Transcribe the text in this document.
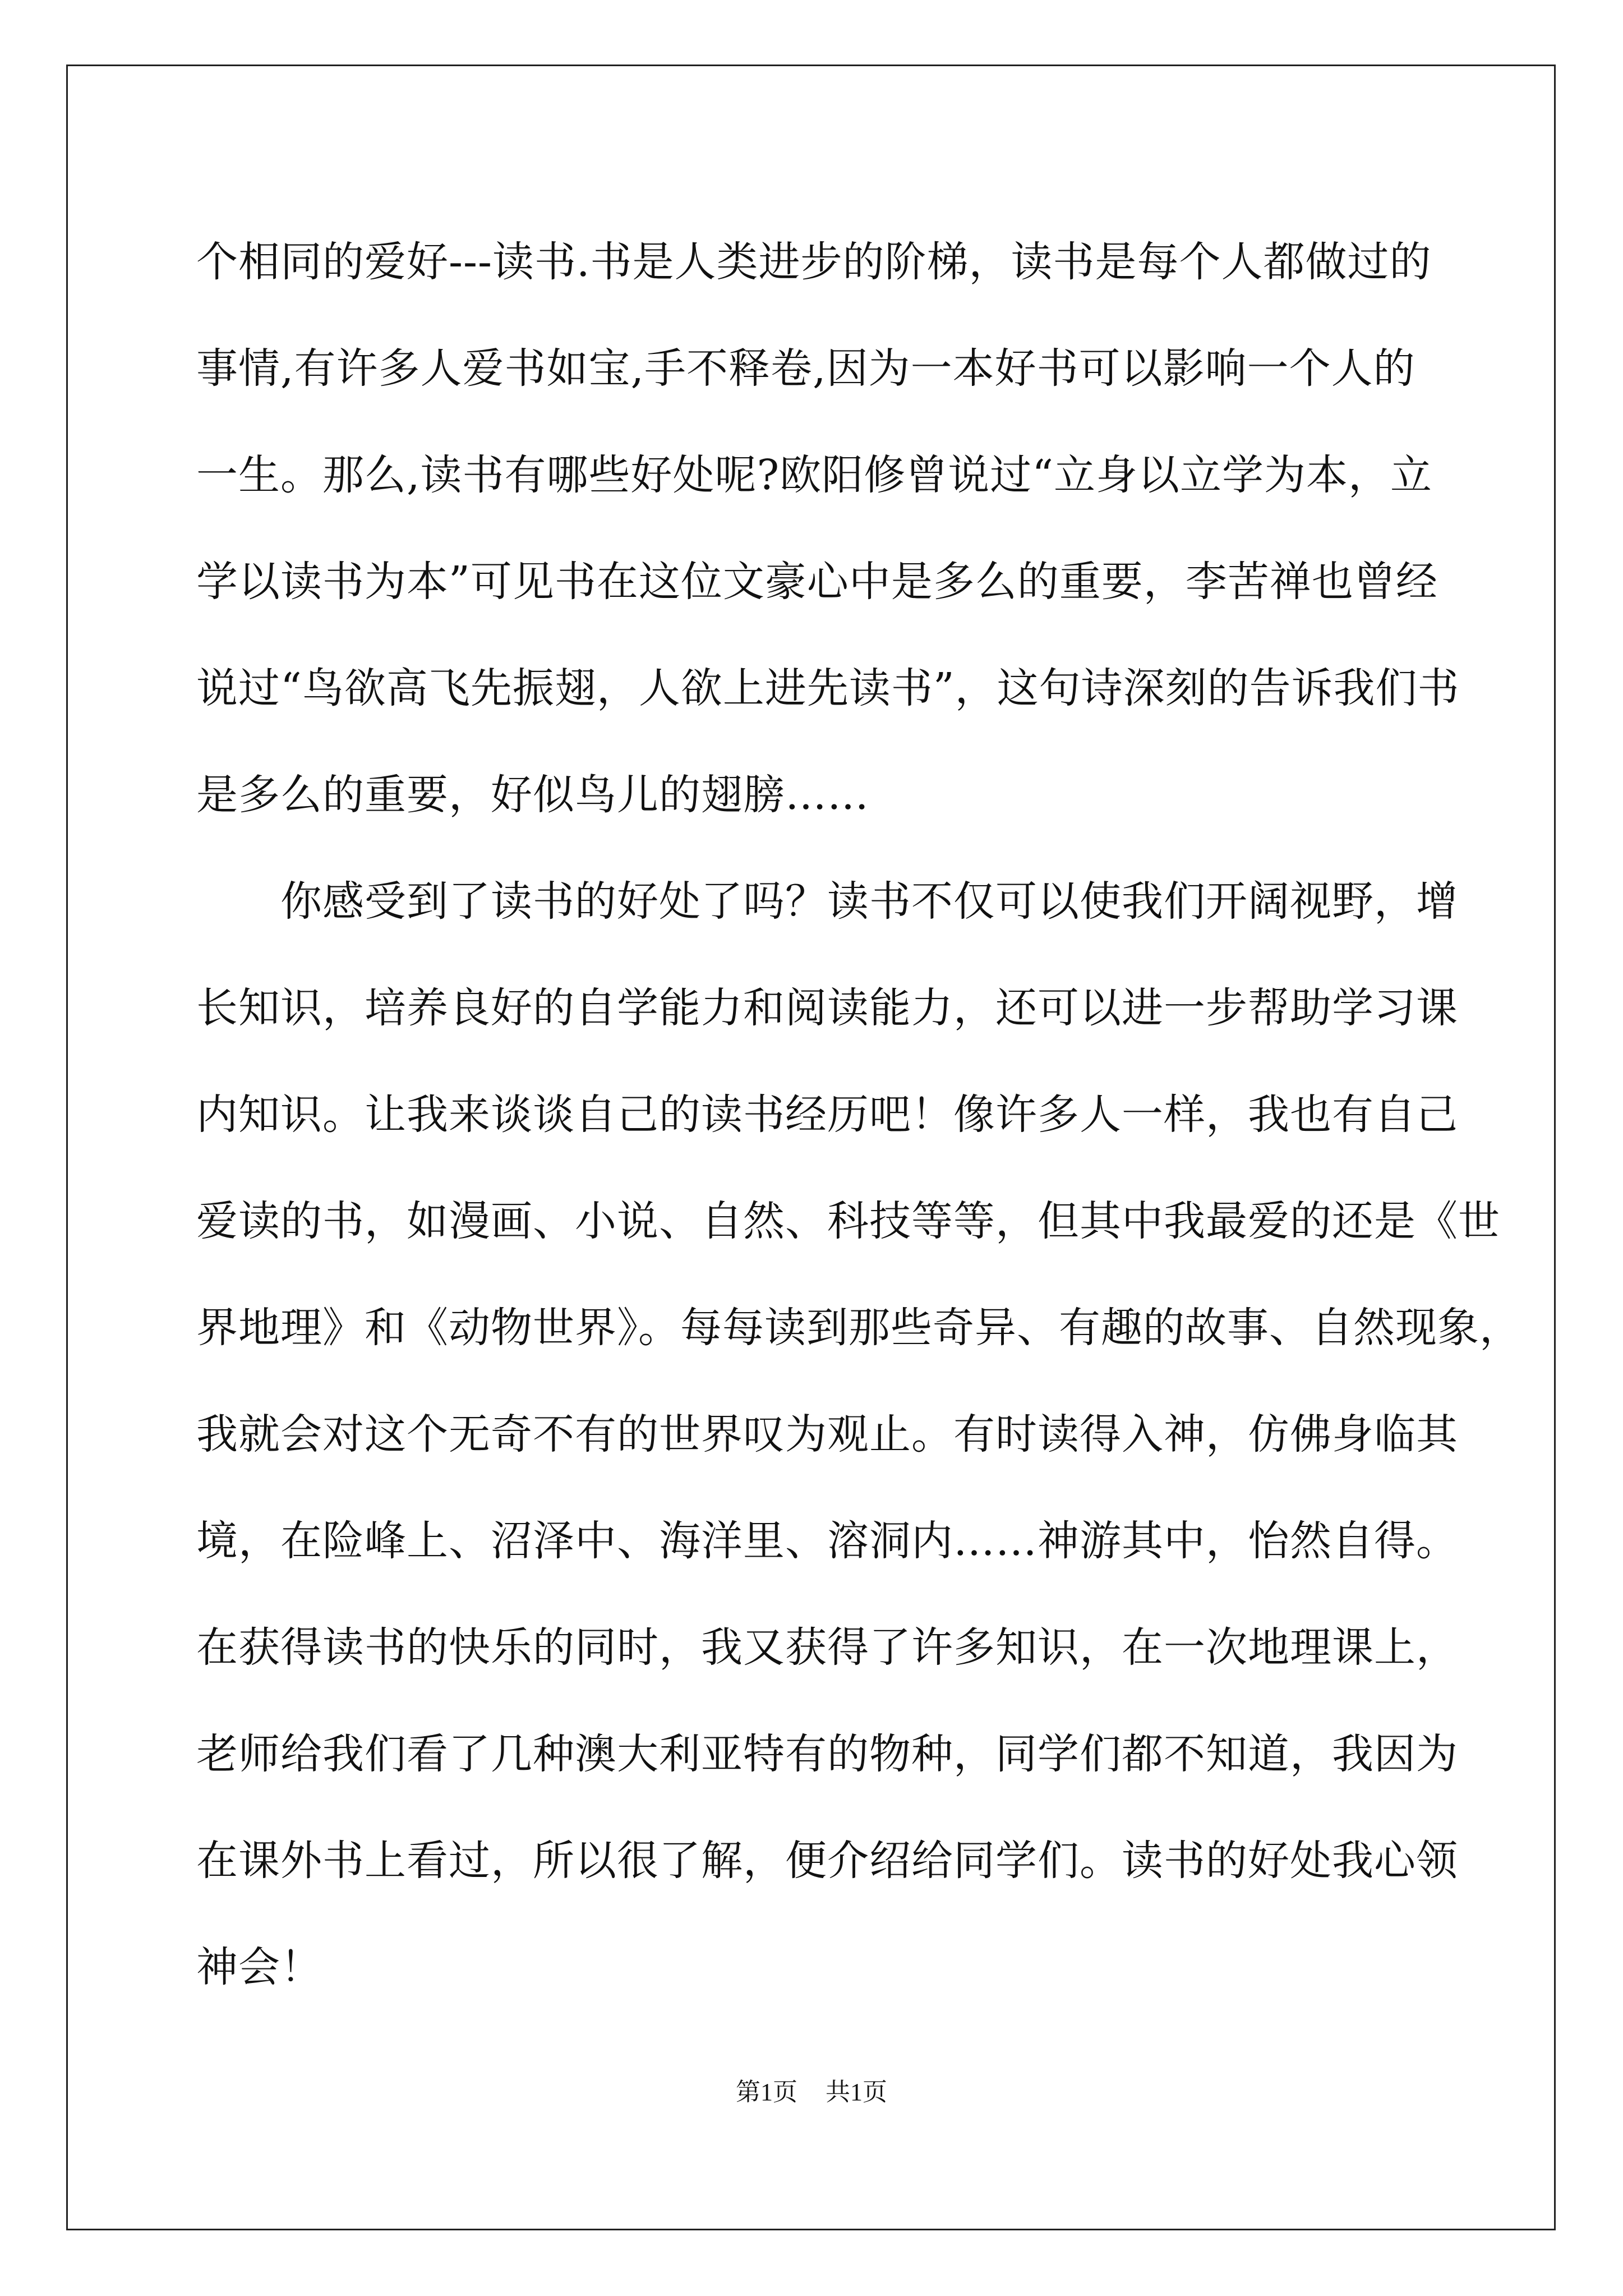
个相同的爱好---读书.书是人类进步的阶梯，读书是每个人都做过的
事情,有许多人爱书如宝,手不释卷,因为一本好书可以影响一个人的
一生。那么,读书有哪些好处呢?欧阳修曾说过“立身以立学为本，立
学以读书为本”可见书在这位文豪心中是多么的重要，李苦禅也曾经
说过“鸟欲高飞先振翅，人欲上进先读书”，这句诗深刻的告诉我们书
是多么的重要，好似鸟儿的翅膀……
　　你感受到了读书的好处了吗？读书不仅可以使我们开阔视野，增
长知识，培养良好的自学能力和阅读能力，还可以进一步帮助学习课
内知识。让我来谈谈自己的读书经历吧！像许多人一样，我也有自己
爱读的书，如漫画、小说、自然、科技等等，但其中我最爱的还是《世
界地理》和《动物世界》。每每读到那些奇异、有趣的故事、自然现象，
我就会对这个无奇不有的世界叹为观止。有时读得入神，仿佛身临其
境，在险峰上、沼泽中、海洋里、溶洞内……神游其中，怡然自得。
在获得读书的快乐的同时，我又获得了许多知识，在一次地理课上，
老师给我们看了几种澳大利亚特有的物种，同学们都不知道，我因为
在课外书上看过，所以很了解，便介绍给同学们。读书的好处我心领
神会！
第1页 共1页
